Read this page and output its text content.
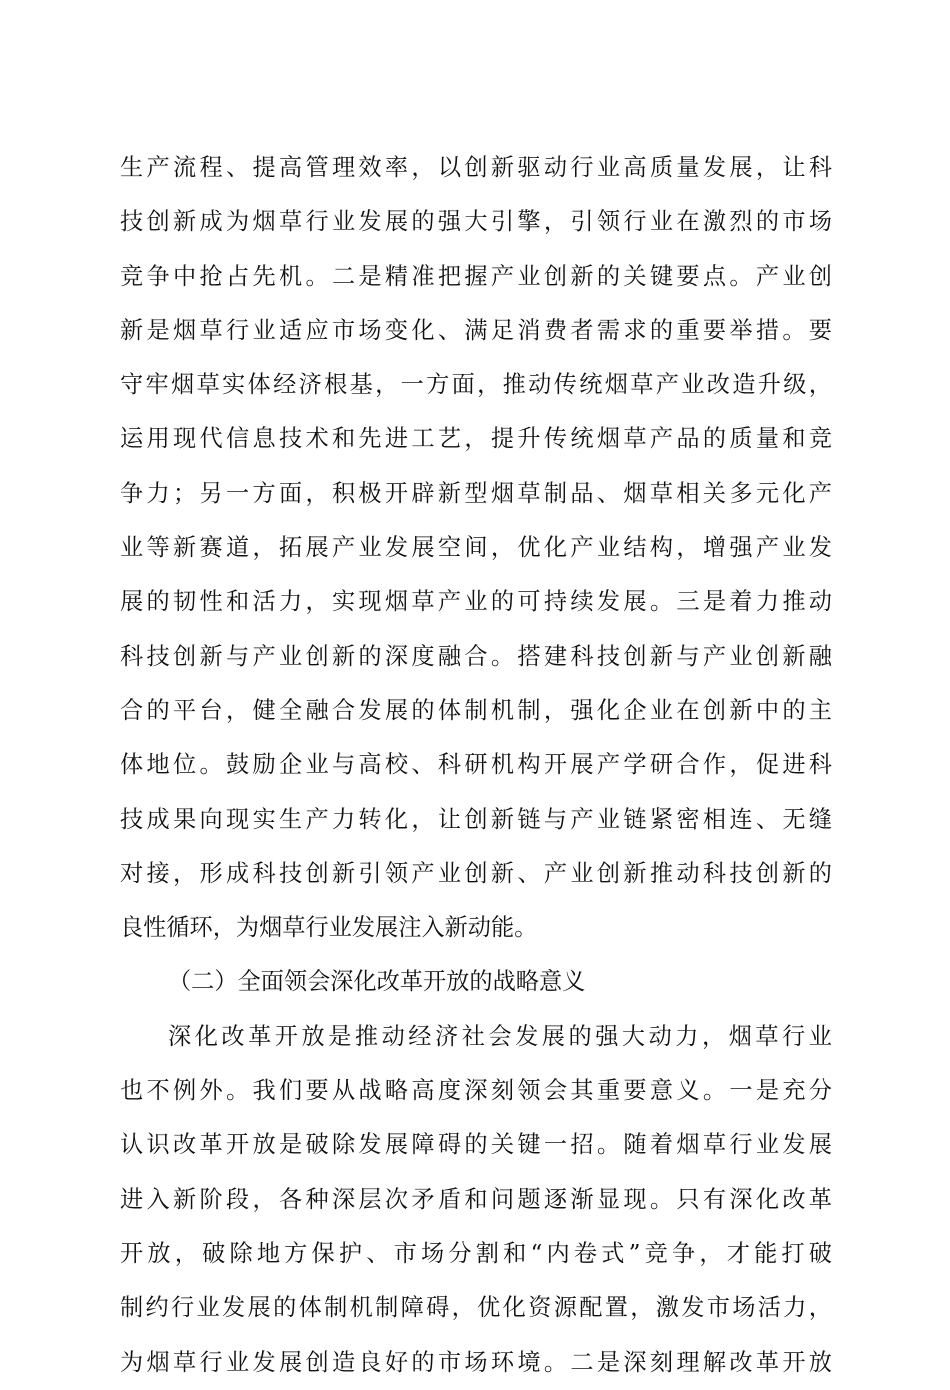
生产流程、提高管理效率，以创新驱动行业高质量发展，让科
技创新成为烟草行业发展的强大引擎，引领行业在激烈的市场
竞争中抢占先机。二是精准把握产业创新的关键要点。产业创
新是烟草行业适应市场变化、满足消费者需求的重要举措。要
守牢烟草实体经济根基，一方面，推动传统烟草产业改造升级，
运用现代信息技术和先进工艺，提升传统烟草产品的质量和竞
争力；另一方面，积极开辟新型烟草制品、烟草相关多元化产
业等新赛道，拓展产业发展空间，优化产业结构，增强产业发
展的韧性和活力，实现烟草产业的可持续发展。三是着力推动
科技创新与产业创新的深度融合。搭建科技创新与产业创新融
合的平台，健全融合发展的体制机制，强化企业在创新中的主
体地位。鼓励企业与高校、科研机构开展产学研合作，促进科
技成果向现实生产力转化，让创新链与产业链紧密相连、无缝
对接，形成科技创新引领产业创新、产业创新推动科技创新的
良性循环，为烟草行业发展注入新动能。
（二）全面领会深化改革开放的战略意义
深化改革开放是推动经济社会发展的强大动力，烟草行业
也不例外。我们要从战略高度深刻领会其重要意义。一是充分
认识改革开放是破除发展障碍的关键一招。随着烟草行业发展
进入新阶段，各种深层次矛盾和问题逐渐显现。只有深化改革
开放，破除地方保护、市场分割和“内卷式”竞争，才能打破
制约行业发展的体制机制障碍，优化资源配置，激发市场活力，
为烟草行业发展创造良好的市场环境。二是深刻理解改革开放
